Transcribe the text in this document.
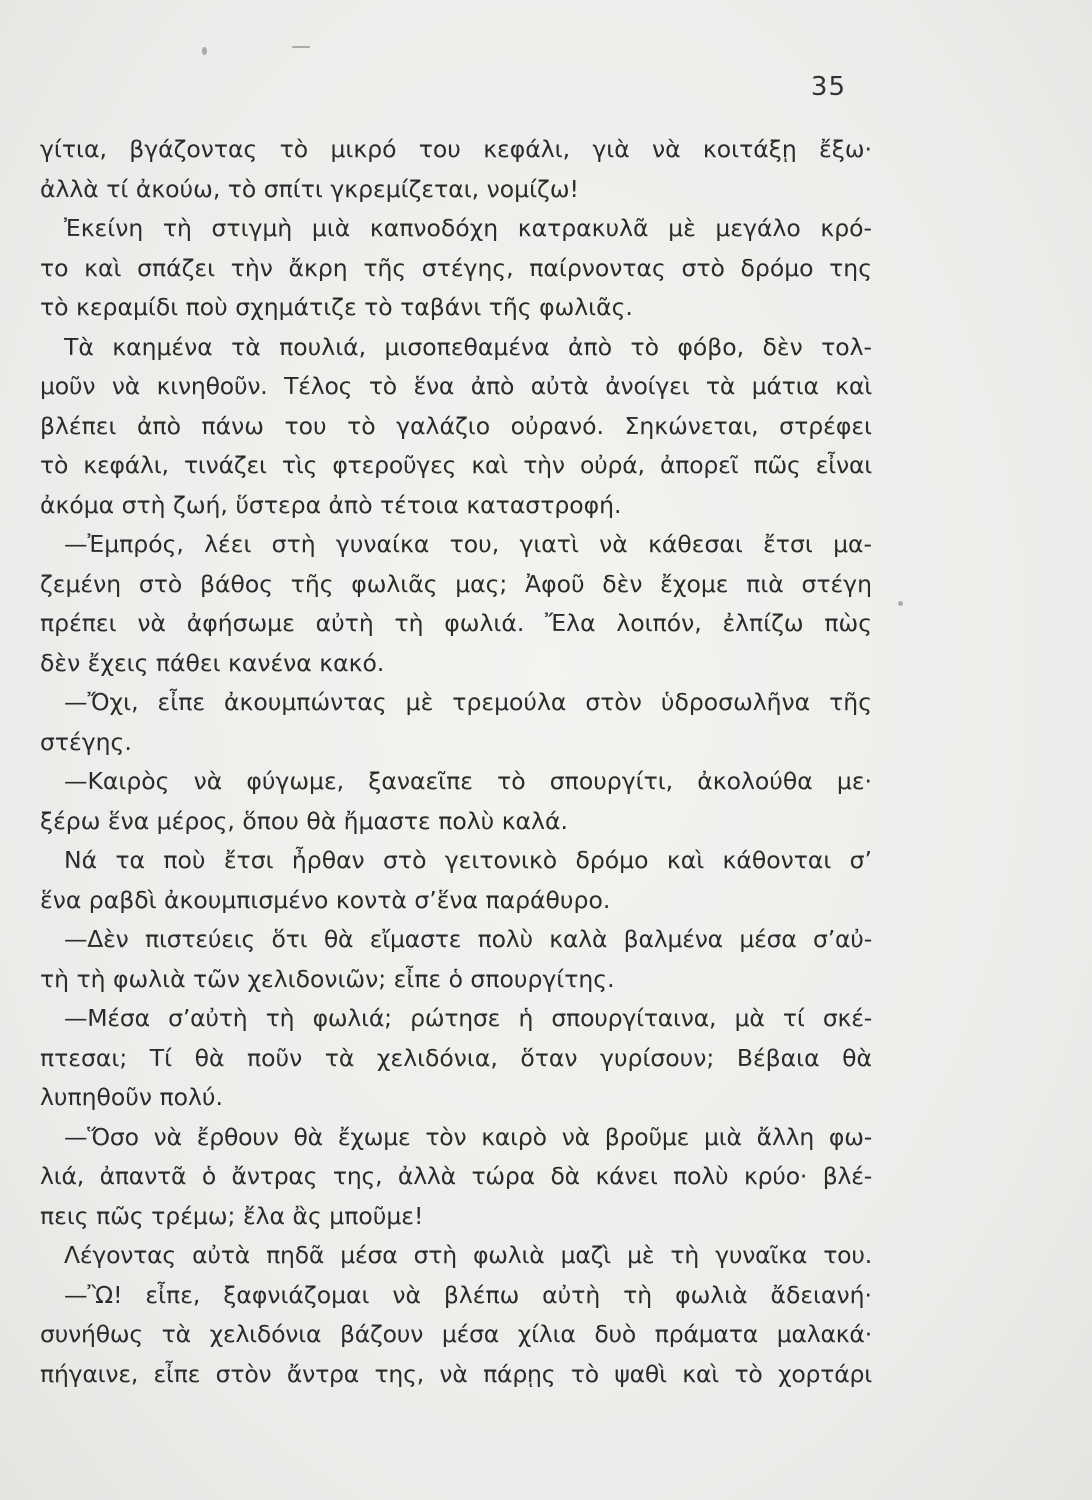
35
γίτια, βγάζοντας τὸ μικρό του κεφάλι, γιὰ νὰ κοιτάξῃ ἔξω·
ἀλλὰ τί ἀκούω, τὸ σπίτι γκρεμίζεται, νομίζω!
Ἐκείνη τὴ στιγμὴ μιὰ καπνοδόχη κατρακυλᾶ μὲ μεγάλο κρό-
το καὶ σπάζει τὴν ἄκρη τῆς στέγης, παίρνοντας στὸ δρόμο της
τὸ κεραμίδι ποὺ σχημάτιζε τὸ ταβάνι τῆς φωλιᾶς.
Τὰ καημένα τὰ πουλιά, μισοπεθαμένα ἀπὸ τὸ φόβο, δὲν τολ-
μοῦν νὰ κινηθοῦν. Τέλος τὸ ἕνα ἀπὸ αὐτὰ ἀνοίγει τὰ μάτια καὶ
βλέπει ἀπὸ πάνω του τὸ γαλάζιο οὐρανό. Σηκώνεται, στρέφει
τὸ κεφάλι, τινάζει τὶς φτεροῦγες καὶ τὴν οὐρά, ἀπορεῖ πῶς εἶναι
ἀκόμα στὴ ζωή, ὕστερα ἀπὸ τέτοια καταστροφή.
—Ἐμπρός, λέει στὴ γυναίκα του, γιατὶ νὰ κάθεσαι ἔτσι μα-
ζεμένη στὸ βάθος τῆς φωλιᾶς μας; Ἀφοῦ δὲν ἔχομε πιὰ στέγη
πρέπει νὰ ἀφήσωμε αὐτὴ τὴ φωλιά. Ἔλα λοιπόν, ἐλπίζω πὼς
δὲν ἔχεις πάθει κανένα κακό.
—Ὄχι, εἶπε ἀκουμπώντας μὲ τρεμούλα στὸν ὑδροσωλῆνα τῆς
στέγης.
—Καιρὸς νὰ φύγωμε, ξαναεῖπε τὸ σπουργίτι, ἀκολούθα με·
ξέρω ἕνα μέρος, ὅπου θὰ ἤμαστε πολὺ καλά.
Νά τα ποὺ ἔτσι ἦρθαν στὸ γειτονικὸ δρόμο καὶ κάθονται σ’
ἕνα ραβδὶ ἀκουμπισμένο κοντὰ σ’ἕνα παράθυρο.
—Δὲν πιστεύεις ὅτι θὰ εἴμαστε πολὺ καλὰ βαλμένα μέσα σ’αὐ-
τὴ τὴ φωλιὰ τῶν χελιδονιῶν; εἶπε ὁ σπουργίτης.
—Μέσα σ’αὐτὴ τὴ φωλιά; ρώτησε ἡ σπουργίταινα, μὰ τί σκέ-
πτεσαι; Τί θὰ ποῦν τὰ χελιδόνια, ὅταν γυρίσουν; Βέβαια θὰ
λυπηθοῦν πολύ.
—Ὅσο νὰ ἔρθουν θὰ ἔχωμε τὸν καιρὸ νὰ βροῦμε μιὰ ἄλλη φω-
λιά, ἀπαντᾶ ὁ ἄντρας της, ἀλλὰ τώρα δὰ κάνει πολὺ κρύο· βλέ-
πεις πῶς τρέμω; ἔλα ἂς μποῦμε!
Λέγοντας αὐτὰ πηδᾶ μέσα στὴ φωλιὰ μαζὶ μὲ τὴ γυναῖκα του.
—Ὢ! εἶπε, ξαφνιάζομαι νὰ βλέπω αὐτὴ τὴ φωλιὰ ἄδειανή·
συνήθως τὰ χελιδόνια βάζουν μέσα χίλια δυὸ πράματα μαλακά·
πήγαινε, εἶπε στὸν ἄντρα της, νὰ πάρῃς τὸ ψαθὶ καὶ τὸ χορτάρι
